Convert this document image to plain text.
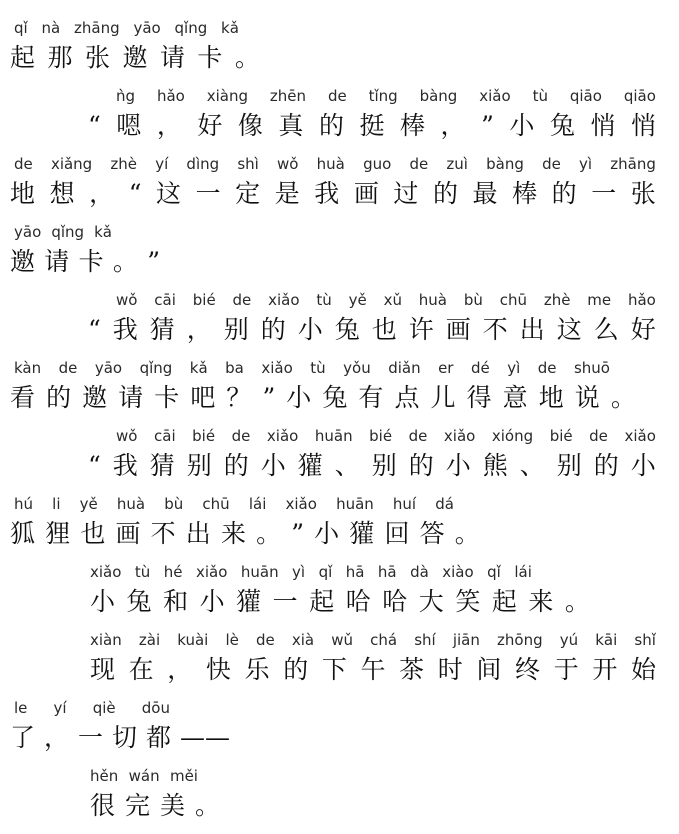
qǐ nà zhāng yāo qǐng kǎ
起 那 张 邀 请 卡 。
ǹg hǎo xiàng zhēn de tǐng bàng xiǎo tù qiāo qiāo
“ 嗯 ， 好 像 真 的 挺 棒 ， ” 小 兔 悄 悄
de xiǎng zhè yí dìng shì wǒ huà guo de zuì bàng de yì zhāng
地 想 ， “ 这 一 定 是 我 画 过 的 最 棒 的 一 张
yāo qǐng kǎ
邀 请 卡 。 ”
wǒ cāi bié de xiǎo tù yě xǔ huà bù chū zhè me hǎo
“ 我 猜 ， 别 的 小 兔 也 许 画 不 出 这 么 好
kàn de yāo qǐng kǎ ba xiǎo tù yǒu diǎn er dé yì de shuō
看 的 邀 请 卡 吧 ？ ” 小 兔 有 点 儿 得 意 地 说 。
wǒ cāi bié de xiǎo huān bié de xiǎo xióng bié de xiǎo
“ 我 猜 别 的 小 獾 、 别 的 小 熊 、 别 的 小
hú li yě huà bù chū lái xiǎo huān huí dá
狐 狸 也 画 不 出 来 。 ” 小 獾 回 答 。
xiǎo tù hé xiǎo huān yì qǐ hā hā dà xiào qǐ lái
小 兔 和 小 獾 一 起 哈 哈 大 笑 起 来 。
xiàn zài kuài lè de xià wǔ chá shí jiān zhōng yú kāi shǐ
现 在 ， 快 乐 的 下 午 茶 时 间 终 于 开 始
le yí qiè dōu
了 ， 一 切 都 ——
hěn wán měi
很 完 美 。
